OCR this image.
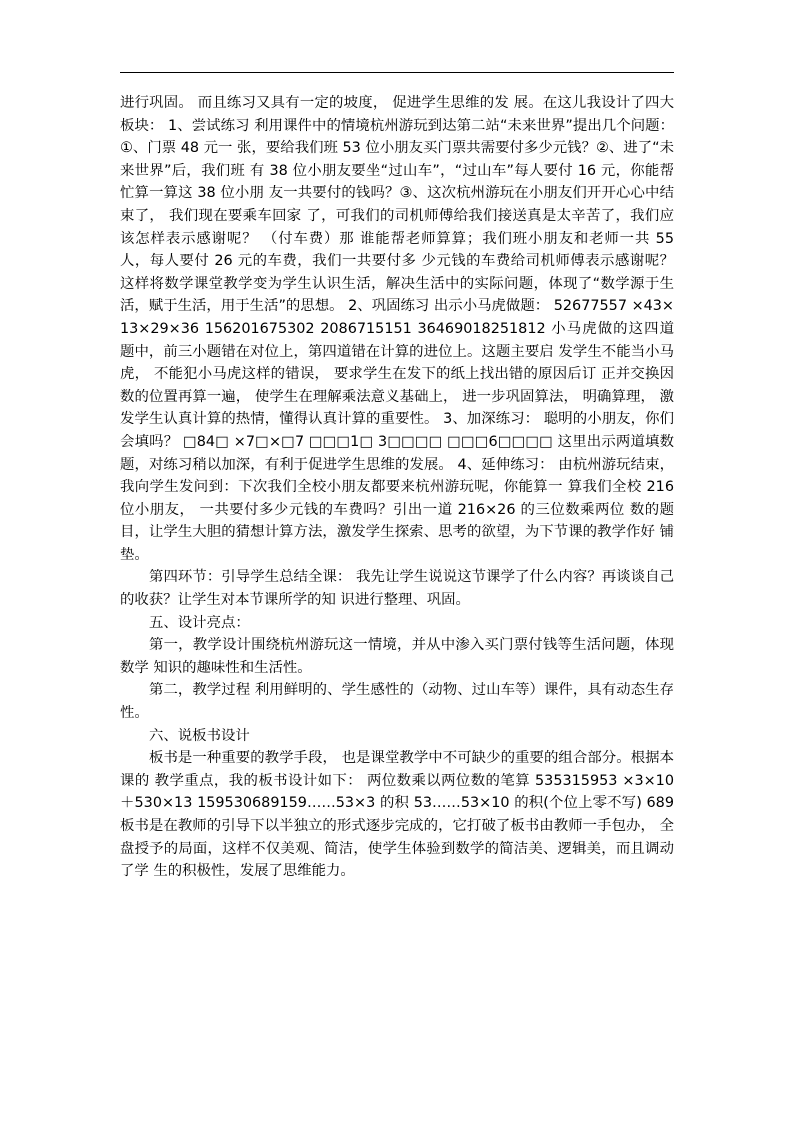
进行巩固。 而且练习又具有一定的坡度， 促进学生思维的发 展。在这儿我设计了四大板块： 1、尝试练习 利用课件中的情境杭州游玩到达第二站“未来世界”提出几个问题：①、门票 48 元一 张，要给我们班 53 位小朋友买门票共需要付多少元钱？②、进了“未来世界”后，我们班 有 38 位小朋友要坐“过山车”，“过山车”每人要付 16 元，你能帮忙算一算这 38 位小朋 友一共要付的钱吗？③、这次杭州游玩在小朋友们开开心心中结束了， 我们现在要乘车回家 了，可我们的司机师傅给我们接送真是太辛苦了，我们应该怎样表示感谢呢？ （付车费）那 谁能帮老师算算；我们班小朋友和老师一共 55 人，每人要付 26 元的车费，我们一共要付多 少元钱的车费给司机师傅表示感谢呢？ 这样将数学课堂教学变为学生认识生活，解决生活中的实际问题，体现了“数学源于生 活，赋于生活，用于生活”的思想。 2、巩固练习 出示小马虎做题： 52677557 ×43×13×29×36 156201675302 2086715151 36469018251812 小马虎做的这四道题中，前三小题错在对位上，第四道错在计算的进位上。这题主要启 发学生不能当小马虎， 不能犯小马虎这样的错误， 要求学生在发下的纸上找出错的原因后订 正并交换因数的位置再算一遍， 使学生在理解乘法意义基础上， 进一步巩固算法， 明确算理， 激发学生认真计算的热情，懂得认真计算的重要性。 3、加深练习： 聪明的小朋友，你们会填吗？ □84□ ×7□×□7 □□□1□ 3□□□□ □□□6□□□□ 这里出示两道填数题，对练习稍以加深，有利于促进学生思维的发展。 4、延伸练习： 由杭州游玩结束，我向学生发问到：下次我们全校小朋友都要来杭州游玩呢，你能算一 算我们全校 216 位小朋友， 一共要付多少元钱的车费吗？引出一道 216×26 的三位数乘两位 数的题目，让学生大胆的猜想计算方法，激发学生探索、思考的欲望，为下节课的教学作好 铺垫。

第四环节：引导学生总结全课： 我先让学生说说这节课学了什么内容？再谈谈自己的收获？让学生对本节课所学的知 识进行整理、巩固。

五、设计亮点：

第一，教学设计围绕杭州游玩这一情境，并从中渗入买门票付钱等生活问题，体现数学 知识的趣味性和生活性。

第二，教学过程 利用鲜明的、学生感性的（动物、过山车等）课件，具有动态生存性。

六、说板书设计

板书是一种重要的教学手段， 也是课堂教学中不可缺少的重要的组合部分。根据本课的 教学重点，我的板书设计如下： 两位数乘以两位数的笔算 535315953 ×3×10＋530×13 159530689159……53×3 的积 53……53×10 的积(个位上零不写) 689 板书是在教师的引导下以半独立的形式逐步完成的，它打破了板书由教师一手包办， 全 盘授予的局面，这样不仅美观、简洁，使学生体验到数学的简洁美、逻辑美，而且调动了学 生的积极性，发展了思维能力。
